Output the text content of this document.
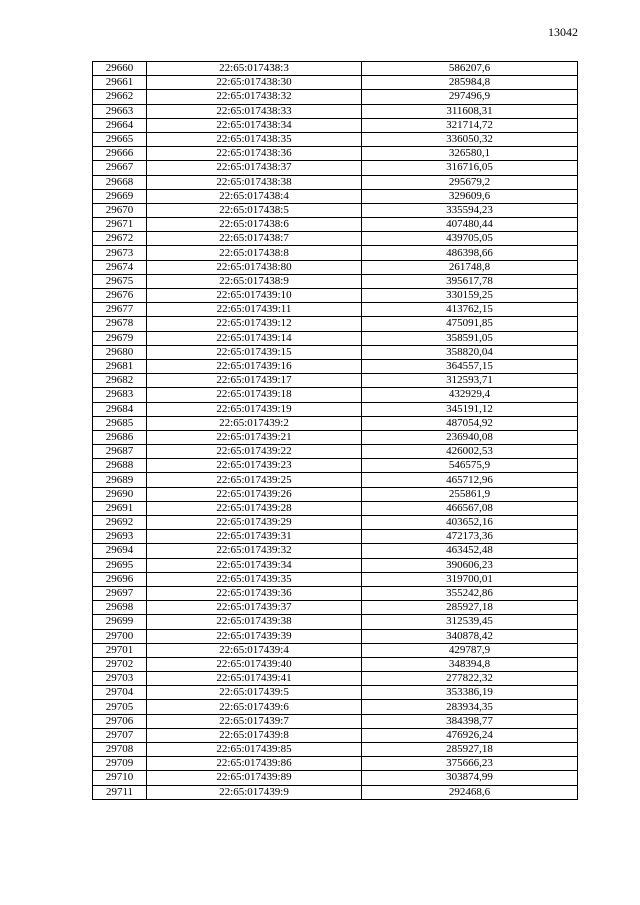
13042
29660	22:65:017438:3	586207,6
29661	22:65:017438:30	285984,8
29662	22:65:017438:32	297496,9
29663	22:65:017438:33	311608,31
29664	22:65:017438:34	321714,72
29665	22:65:017438:35	336050,32
29666	22:65:017438:36	326580,1
29667	22:65:017438:37	316716,05
29668	22:65:017438:38	295679,2
29669	22:65:017438:4	329609,6
29670	22:65:017438:5	335594,23
29671	22:65:017438:6	407480,44
29672	22:65:017438:7	439705,05
29673	22:65:017438:8	486398,66
29674	22:65:017438:80	261748,8
29675	22:65:017438:9	395617,78
29676	22:65:017439:10	330159,25
29677	22:65:017439:11	413762,15
29678	22:65:017439:12	475091,85
29679	22:65:017439:14	358591,05
29680	22:65:017439:15	358820,04
29681	22:65:017439:16	364557,15
29682	22:65:017439:17	312593,71
29683	22:65:017439:18	432929,4
29684	22:65:017439:19	345191,12
29685	22:65:017439:2	487054,92
29686	22:65:017439:21	236940,08
29687	22:65:017439:22	426002,53
29688	22:65:017439:23	546575,9
29689	22:65:017439:25	465712,96
29690	22:65:017439:26	255861,9
29691	22:65:017439:28	466567,08
29692	22:65:017439:29	403652,16
29693	22:65:017439:31	472173,36
29694	22:65:017439:32	463452,48
29695	22:65:017439:34	390606,23
29696	22:65:017439:35	319700,01
29697	22:65:017439:36	355242,86
29698	22:65:017439:37	285927,18
29699	22:65:017439:38	312539,45
29700	22:65:017439:39	340878,42
29701	22:65:017439:4	429787,9
29702	22:65:017439:40	348394,8
29703	22:65:017439:41	277822,32
29704	22:65:017439:5	353386,19
29705	22:65:017439:6	283934,35
29706	22:65:017439:7	384398,77
29707	22:65:017439:8	476926,24
29708	22:65:017439:85	285927,18
29709	22:65:017439:86	375666,23
29710	22:65:017439:89	303874,99
29711	22:65:017439:9	292468,6
